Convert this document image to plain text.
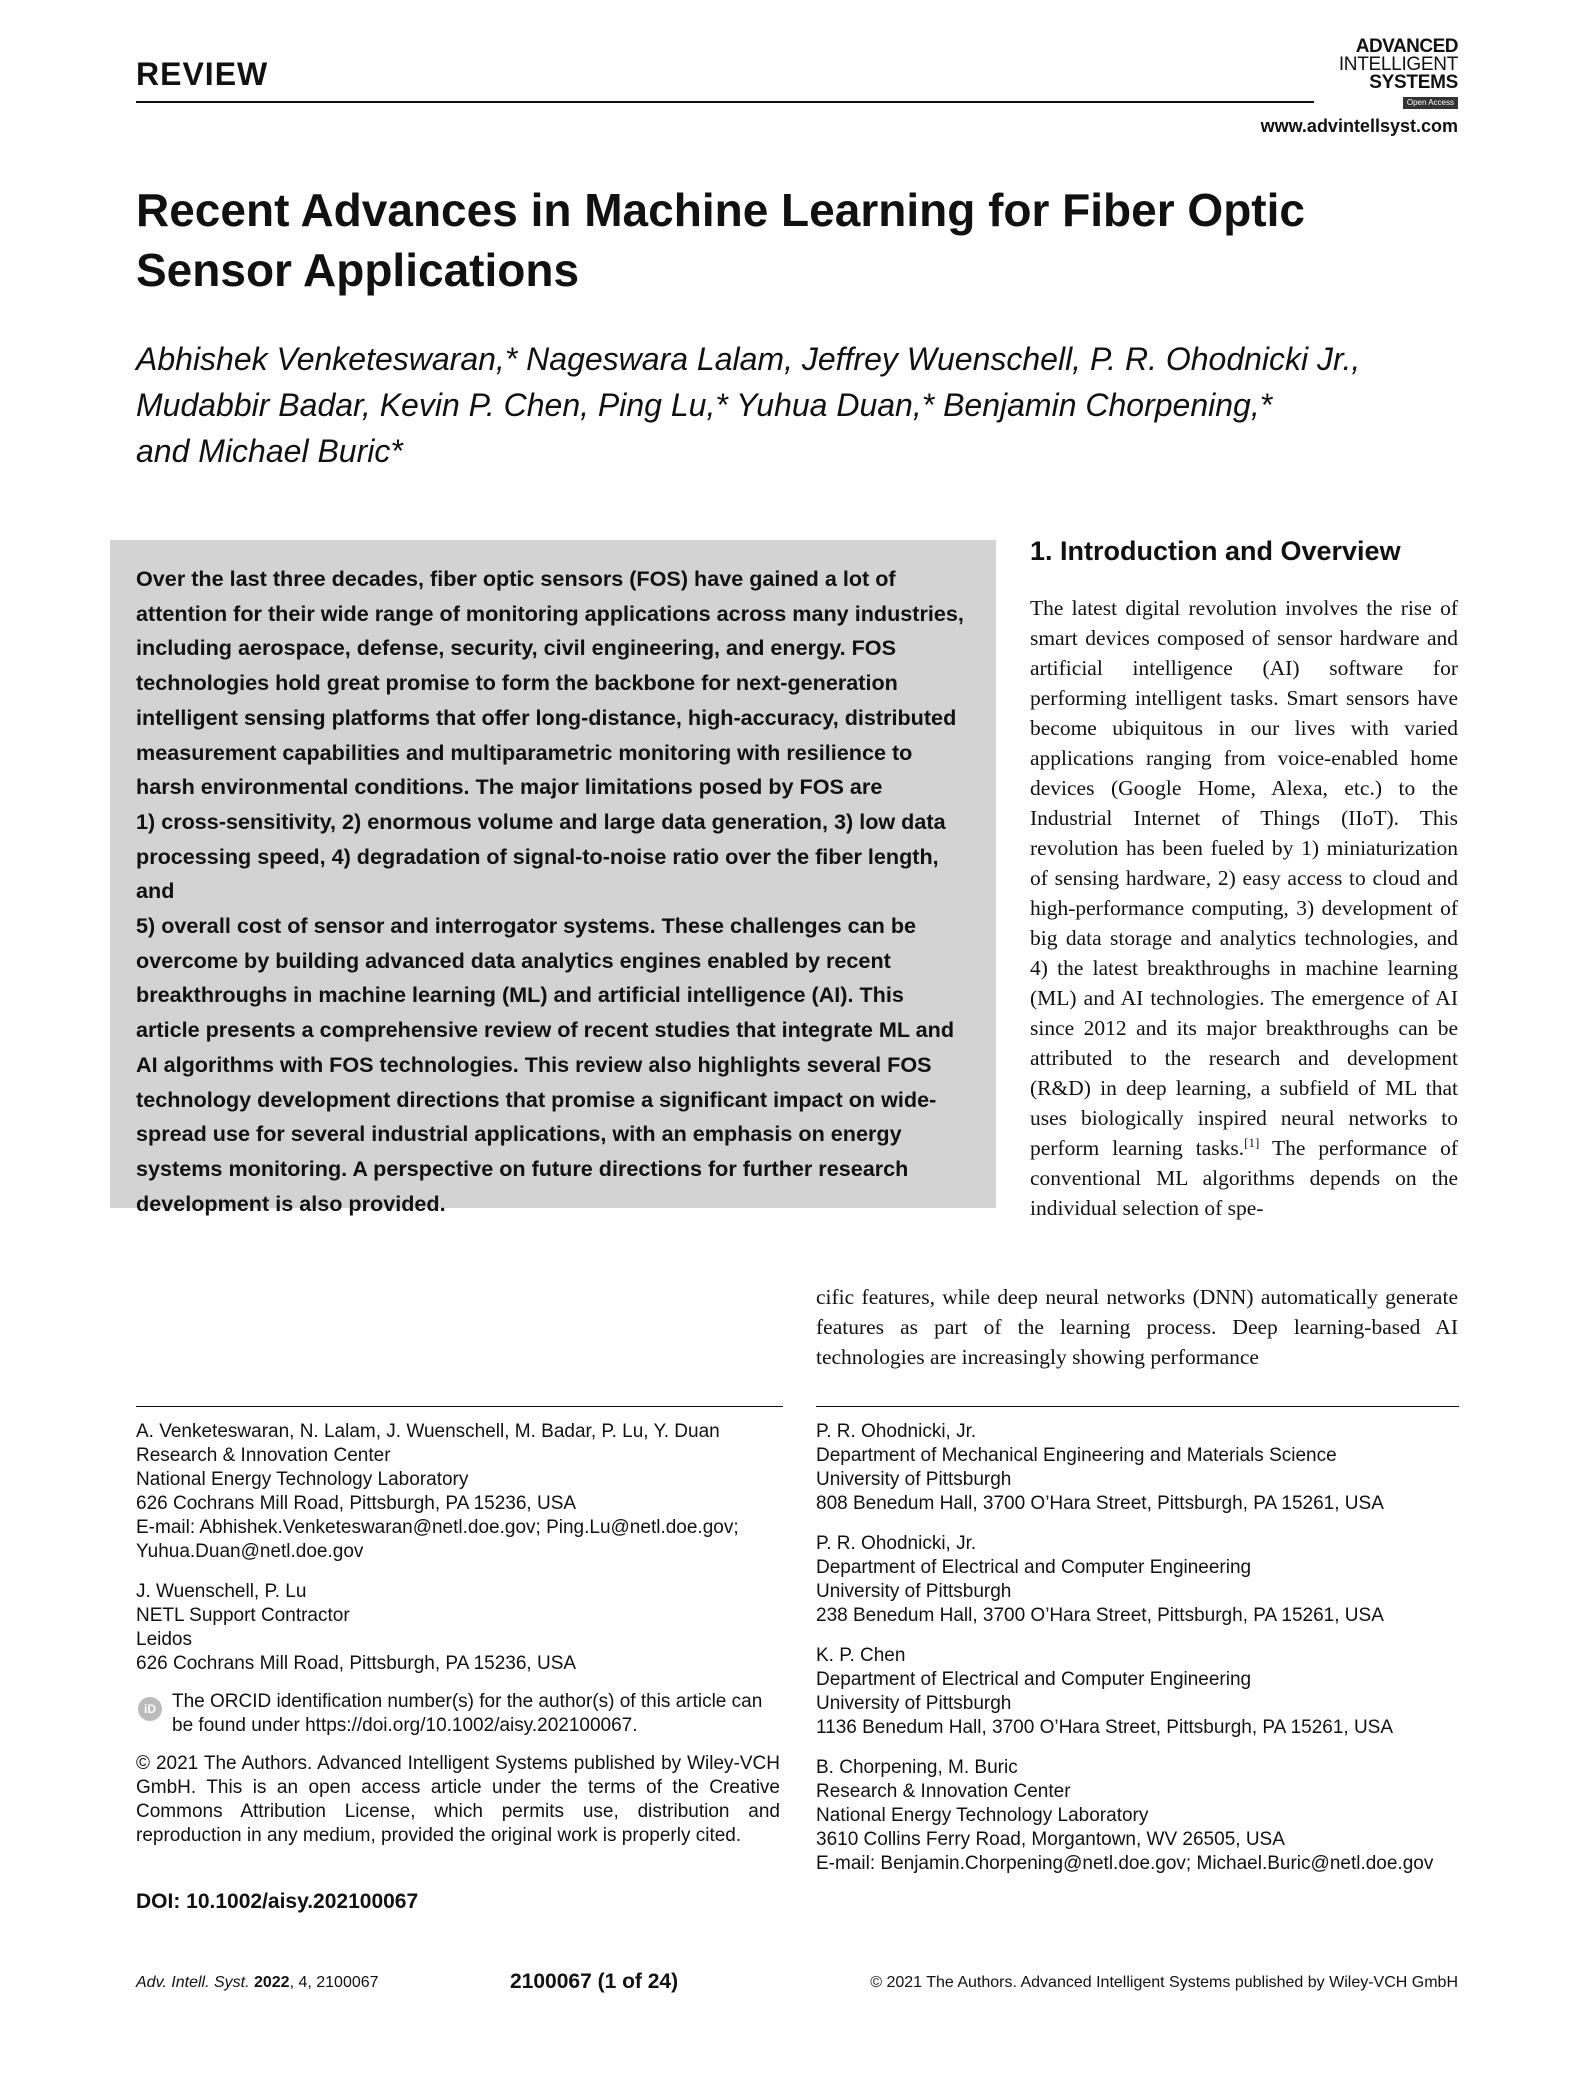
REVIEW
ADVANCED
INTELLIGENT
SYSTEMS
Open Access
www.advintellsyst.com
Recent Advances in Machine Learning for Fiber Optic
Sensor Applications
Abhishek Venketeswaran,* Nageswara Lalam, Jeffrey Wuenschell, P. R. Ohodnicki Jr.,
Mudabbir Badar, Kevin P. Chen, Ping Lu,* Yuhua Duan,* Benjamin Chorpening,*
and Michael Buric*
Over the last three decades, fiber optic sensors (FOS) have gained a lot of
attention for their wide range of monitoring applications across many industries,
including aerospace, defense, security, civil engineering, and energy. FOS
technologies hold great promise to form the backbone for next-generation
intelligent sensing platforms that offer long-distance, high-accuracy, distributed
measurement capabilities and multiparametric monitoring with resilience to
harsh environmental conditions. The major limitations posed by FOS are
1) cross-sensitivity, 2) enormous volume and large data generation, 3) low data
processing speed, 4) degradation of signal-to-noise ratio over the fiber length, and
5) overall cost of sensor and interrogator systems. These challenges can be
overcome by building advanced data analytics engines enabled by recent
breakthroughs in machine learning (ML) and artificial intelligence (AI). This
article presents a comprehensive review of recent studies that integrate ML and
AI algorithms with FOS technologies. This review also highlights several FOS
technology development directions that promise a significant impact on wide-
spread use for several industrial applications, with an emphasis on energy
systems monitoring. A perspective on future directions for further research
development is also provided.
1. Introduction and Overview
The latest digital revolution involves the rise of smart devices composed of sensor hardware and artificial intelligence (AI) software for performing intelligent tasks. Smart sensors have become ubiquitous in our lives with varied applications ranging from voice-enabled home devices (Google Home, Alexa, etc.) to the Industrial Internet of Things (IIoT). This revolution has been fueled by 1) miniaturization of sensing hardware, 2) easy access to cloud and high-performance computing, 3) development of big data storage and analytics technologies, and 4) the latest breakthroughs in machine learning (ML) and AI technologies. The emergence of AI since 2012 and its major breakthroughs can be attributed to the research and development (R&D) in deep learning, a subfield of ML that uses biologically inspired neural networks to perform learning tasks.[1] The performance of conventional ML algorithms depends on the individual selection of spe-
cific features, while deep neural networks (DNN) automatically generate features as part of the learning process. Deep learning-based AI technologies are increasingly showing performance
A. Venketeswaran, N. Lalam, J. Wuenschell, M. Badar, P. Lu, Y. Duan
Research & Innovation Center
National Energy Technology Laboratory
626 Cochrans Mill Road, Pittsburgh, PA 15236, USA
E-mail: Abhishek.Venketeswaran@netl.doe.gov; Ping.Lu@netl.doe.gov;
Yuhua.Duan@netl.doe.gov
J. Wuenschell, P. Lu
NETL Support Contractor
Leidos
626 Cochrans Mill Road, Pittsburgh, PA 15236, USA
iD The ORCID identification number(s) for the author(s) of this article can be found under https://doi.org/10.1002/aisy.202100067.
© 2021 The Authors. Advanced Intelligent Systems published by Wiley-VCH GmbH. This is an open access article under the terms of the Creative Commons Attribution License, which permits use, distribution and reproduction in any medium, provided the original work is properly cited.
DOI: 10.1002/aisy.202100067
P. R. Ohodnicki, Jr.
Department of Mechanical Engineering and Materials Science
University of Pittsburgh
808 Benedum Hall, 3700 O’Hara Street, Pittsburgh, PA 15261, USA
P. R. Ohodnicki, Jr.
Department of Electrical and Computer Engineering
University of Pittsburgh
238 Benedum Hall, 3700 O’Hara Street, Pittsburgh, PA 15261, USA
K. P. Chen
Department of Electrical and Computer Engineering
University of Pittsburgh
1136 Benedum Hall, 3700 O’Hara Street, Pittsburgh, PA 15261, USA
B. Chorpening, M. Buric
Research & Innovation Center
National Energy Technology Laboratory
3610 Collins Ferry Road, Morgantown, WV 26505, USA
E-mail: Benjamin.Chorpening@netl.doe.gov; Michael.Buric@netl.doe.gov
Adv. Intell. Syst. 2022, 4, 2100067	2100067 (1 of 24)	© 2021 The Authors. Advanced Intelligent Systems published by Wiley-VCH GmbH
